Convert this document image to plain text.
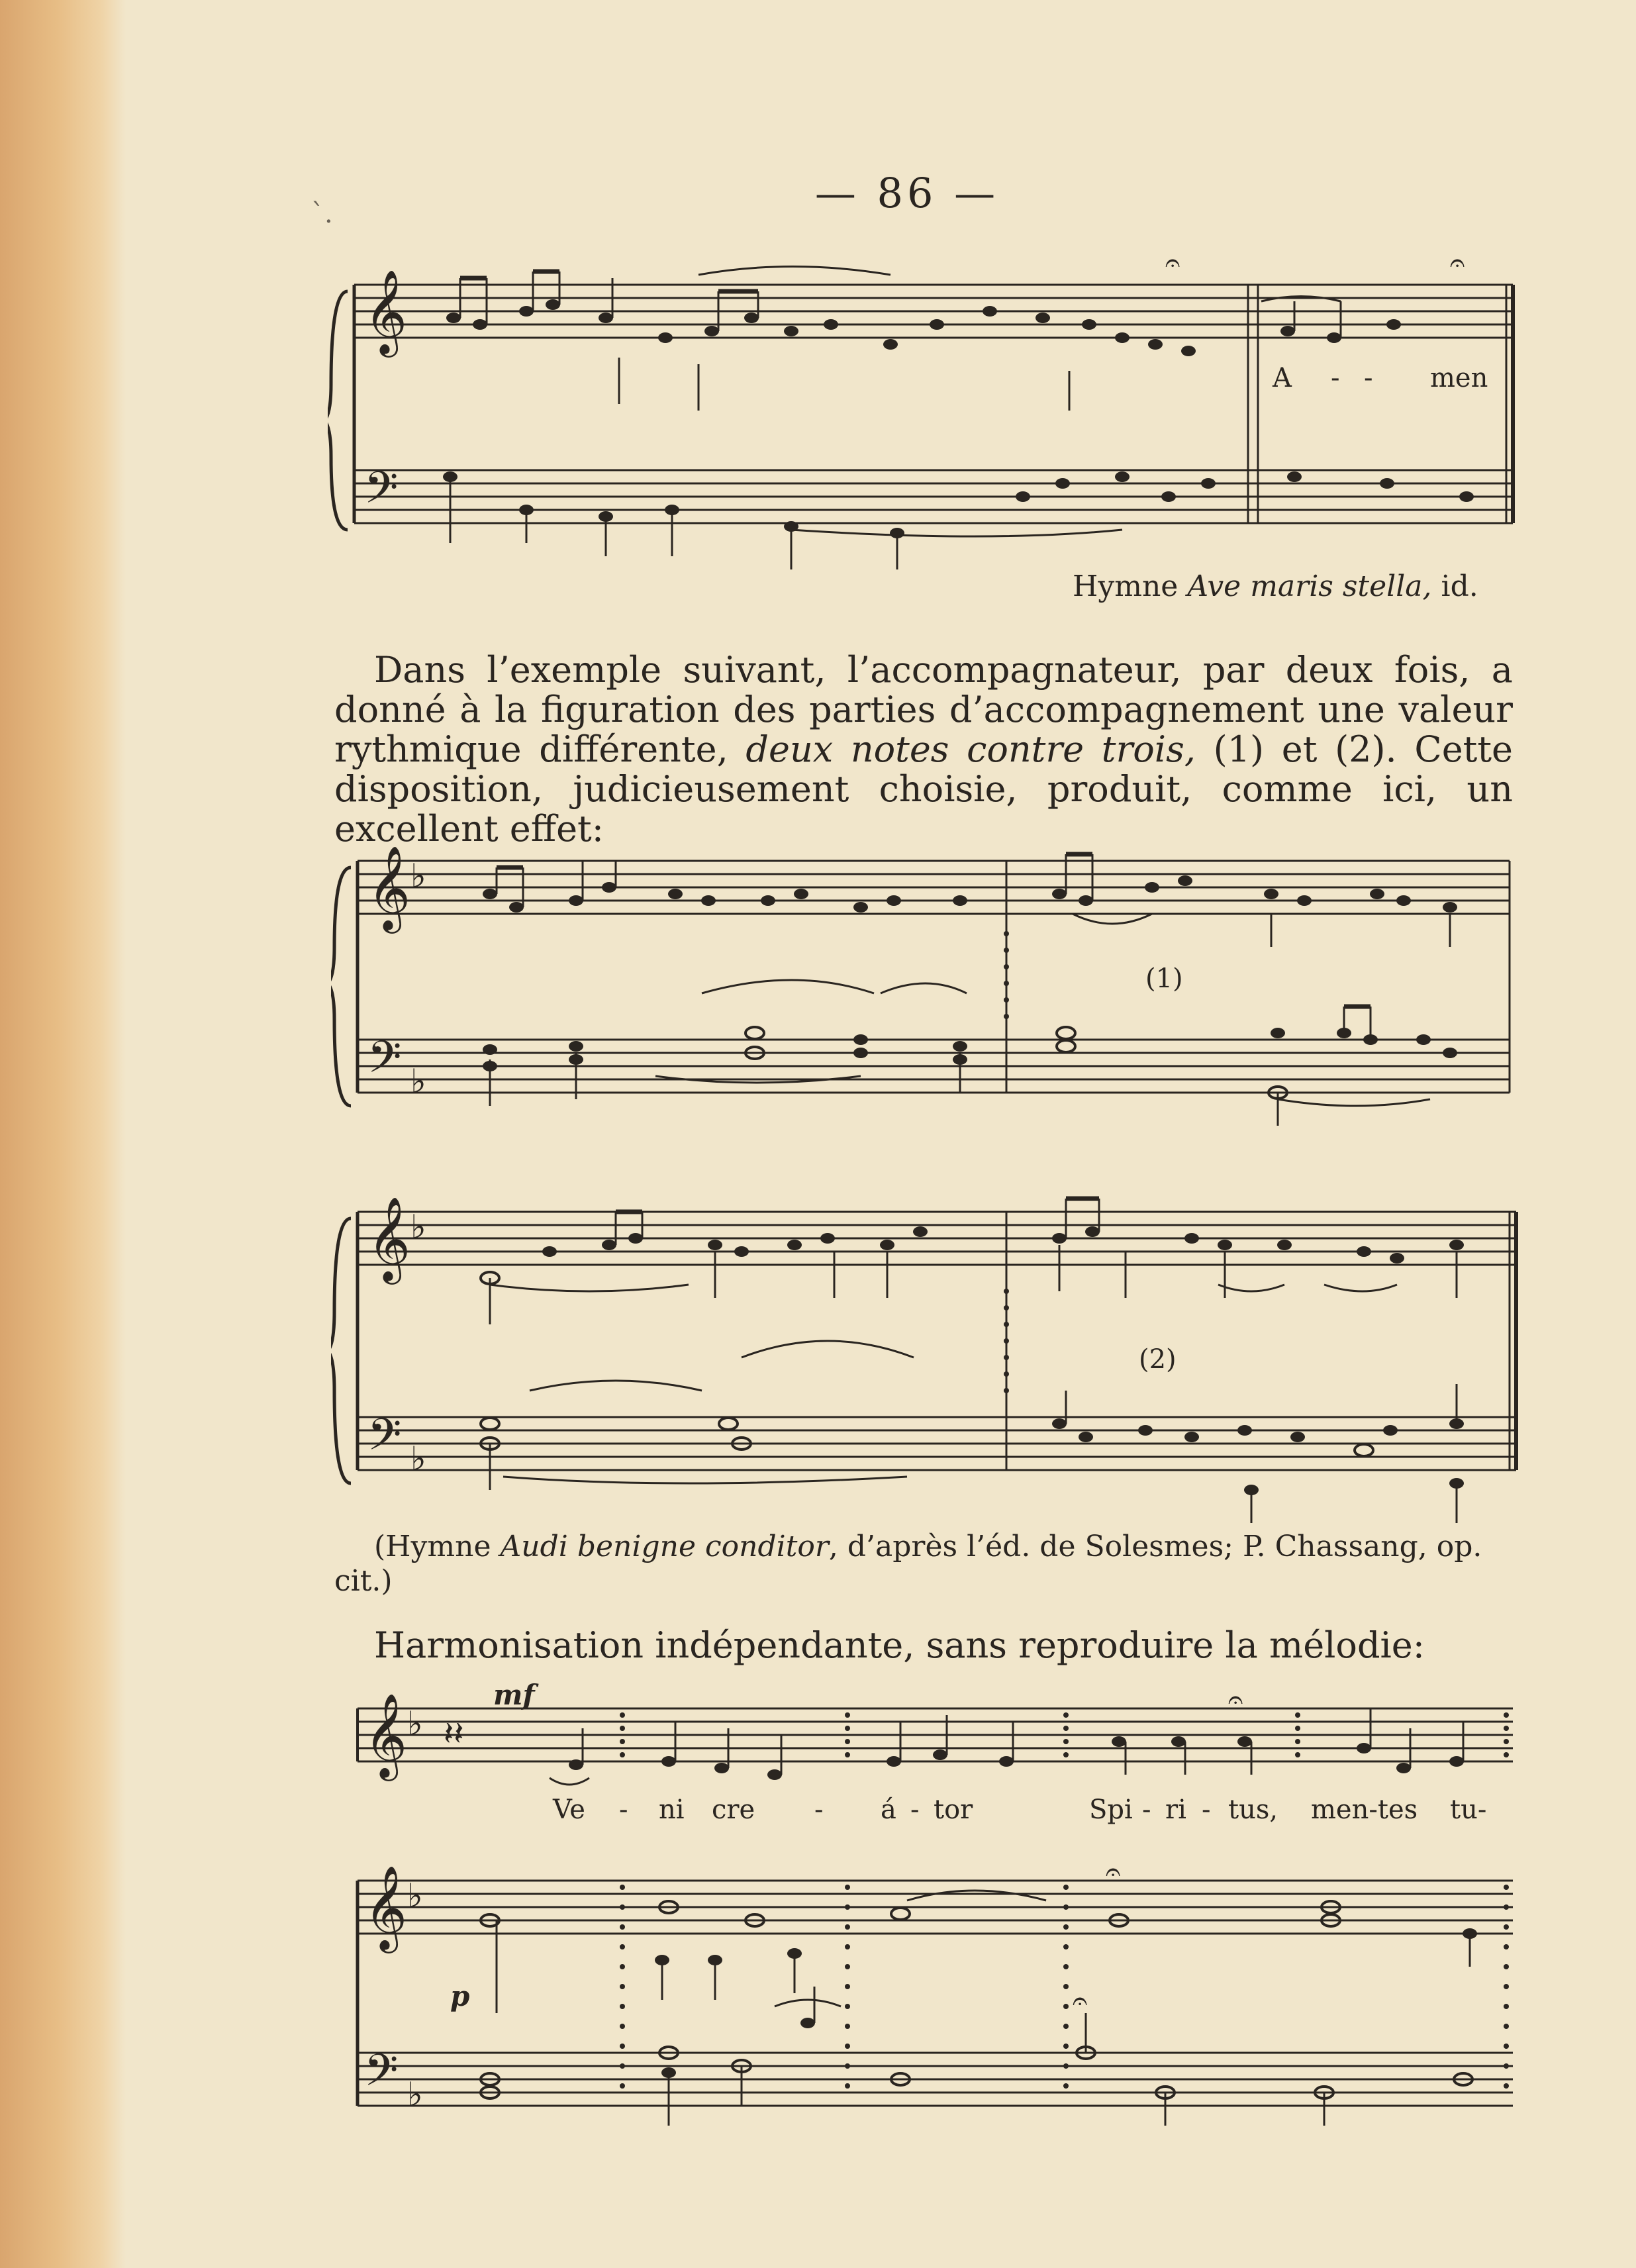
`.	— 86 —
𝄞
𝄢
𝄐	𝄐
A - - men
Hymne Ave maris stella, id.
Dans l’exemple suivant, l’accompagnateur, par deux fois, a donné à la figuration des parties d’accompagnement une valeur rythmique différente, deux notes contre trois, (1) et (2). Cette disposition, judicieusement choisie, produit, comme ici, un excellent effet:
𝄞 ♭
𝄢 ♭
(1)
𝄞 ♭
𝄢 ♭
(2)
(Hymne Audi benigne conditor, d’après l’éd. de Solesmes; P. Chassang, op. cit.)
Harmonisation indépendante, sans reproduire la mélodie:
𝄞 ♭
𝄞 ♭
𝄢 ♭
𝄽𝄽
𝄐
𝄐
𝄐
mf
p
Ve - ni cre - á - tor	Spi - ri - tus, men-tes tu-
